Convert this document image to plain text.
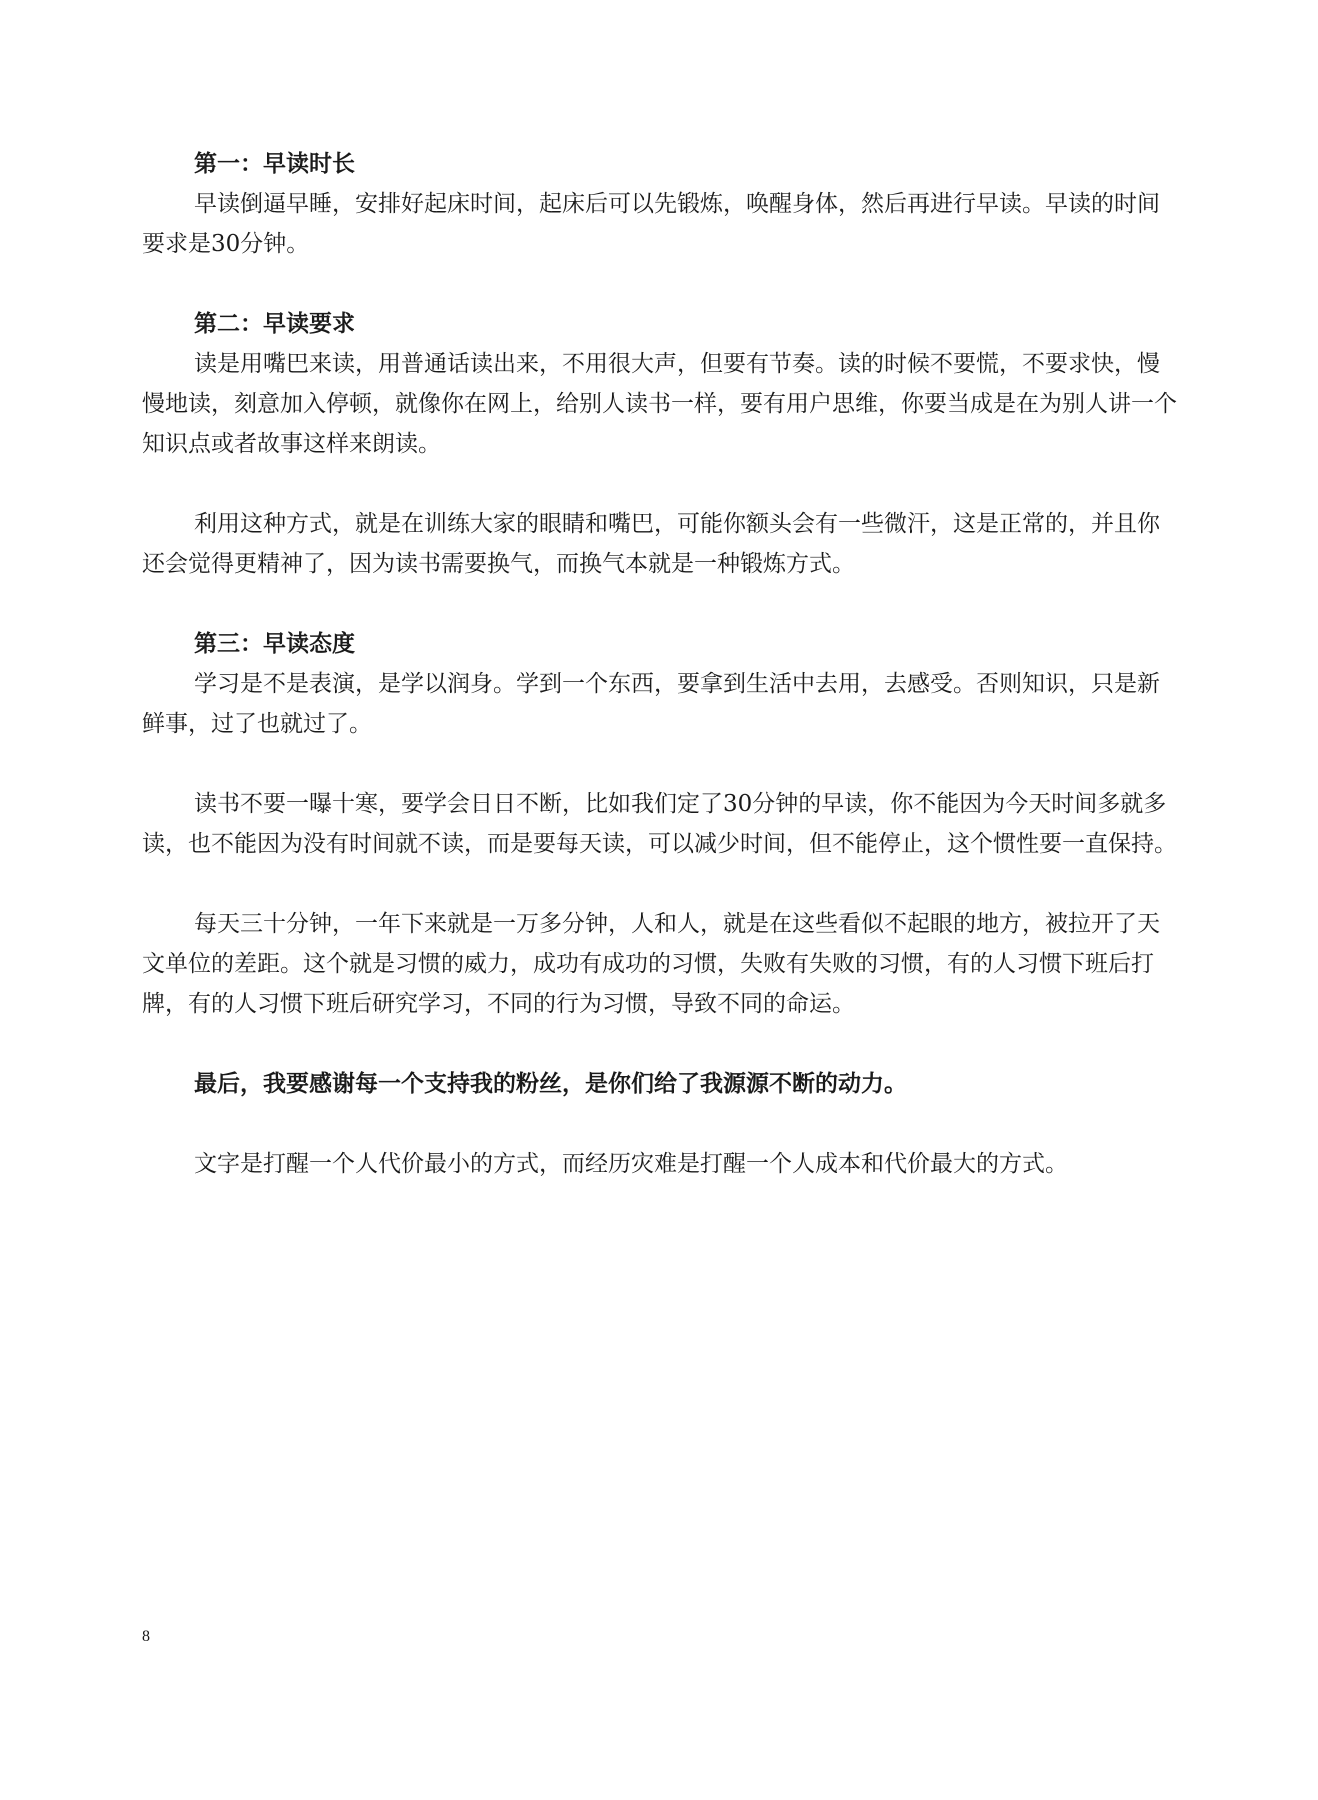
第一：早读时长

早读倒逼早睡，安排好起床时间，起床后可以先锻炼，唤醒身体，然后再进行早读。早读的时间要求是30分钟。

第二：早读要求

读是用嘴巴来读，用普通话读出来，不用很大声，但要有节奏。读的时候不要慌，不要求快，慢慢地读，刻意加入停顿，就像你在网上，给别人读书一样，要有用户思维，你要当成是在为别人讲一个知识点或者故事这样来朗读。

利用这种方式，就是在训练大家的眼睛和嘴巴，可能你额头会有一些微汗，这是正常的，并且你还会觉得更精神了，因为读书需要换气，而换气本就是一种锻炼方式。

第三：早读态度

学习是不是表演，是学以润身。学到一个东西，要拿到生活中去用，去感受。否则知识，只是新鲜事，过了也就过了。

读书不要一曝十寒，要学会日日不断，比如我们定了30分钟的早读，你不能因为今天时间多就多读，也不能因为没有时间就不读，而是要每天读，可以减少时间，但不能停止，这个惯性要一直保持。

每天三十分钟，一年下来就是一万多分钟，人和人，就是在这些看似不起眼的地方，被拉开了天文单位的差距。这个就是习惯的威力，成功有成功的习惯，失败有失败的习惯，有的人习惯下班后打牌，有的人习惯下班后研究学习，不同的行为习惯，导致不同的命运。

最后，我要感谢每一个支持我的粉丝，是你们给了我源源不断的动力。

文字是打醒一个人代价最小的方式，而经历灾难是打醒一个人成本和代价最大的方式。

8
